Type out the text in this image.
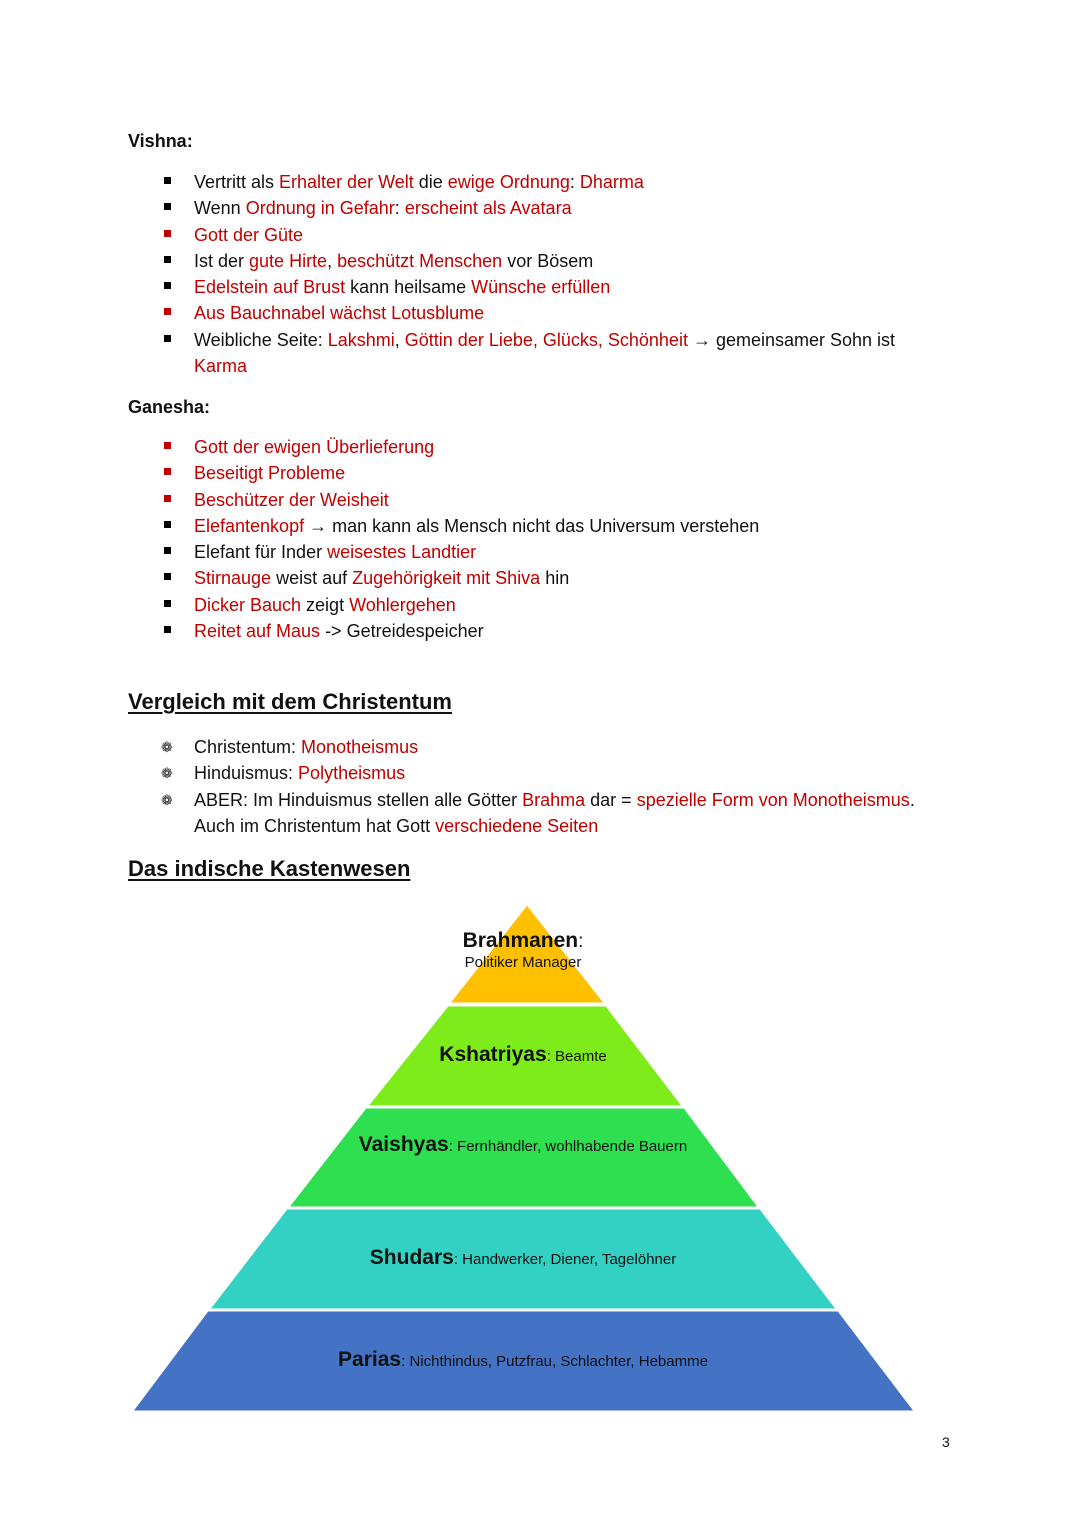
Vishna:
Vertritt als Erhalter der Welt die ewige Ordnung: Dharma
Wenn Ordnung in Gefahr: erscheint als Avatara
Gott der Güte
Ist der gute Hirte, beschützt Menschen vor Bösem
Edelstein auf Brust kann heilsame Wünsche erfüllen
Aus Bauchnabel wächst Lotusblume
Weibliche Seite: Lakshmi, Göttin der Liebe, Glücks, Schönheit → gemeinsamer Sohn ist Karma
Ganesha:
Gott der ewigen Überlieferung
Beseitigt Probleme
Beschützer der Weisheit
Elefantenkopf → man kann als Mensch nicht das Universum verstehen
Elefant für Inder weisestes Landtier
Stirnauge weist auf Zugehörigkeit mit Shiva hin
Dicker Bauch zeigt Wohlergehen
Reitet auf Maus -> Getreidespeicher
Vergleich mit dem Christentum
❁ Christentum: Monotheismus
❁ Hinduismus: Polytheismus
❁ ABER: Im Hinduismus stellen alle Götter Brahma dar = spezielle Form von Monotheismus. Auch im Christentum hat Gott verschiedene Seiten
Das indische Kastenwesen
Brahmanen:
Politiker Manager
Kshatriyas: Beamte
Vaishyas: Fernhändler, wohlhabende Bauern
Shudars: Handwerker, Diener, Tagelöhner
Parias: Nichthindus, Putzfrau, Schlachter, Hebamme
3
